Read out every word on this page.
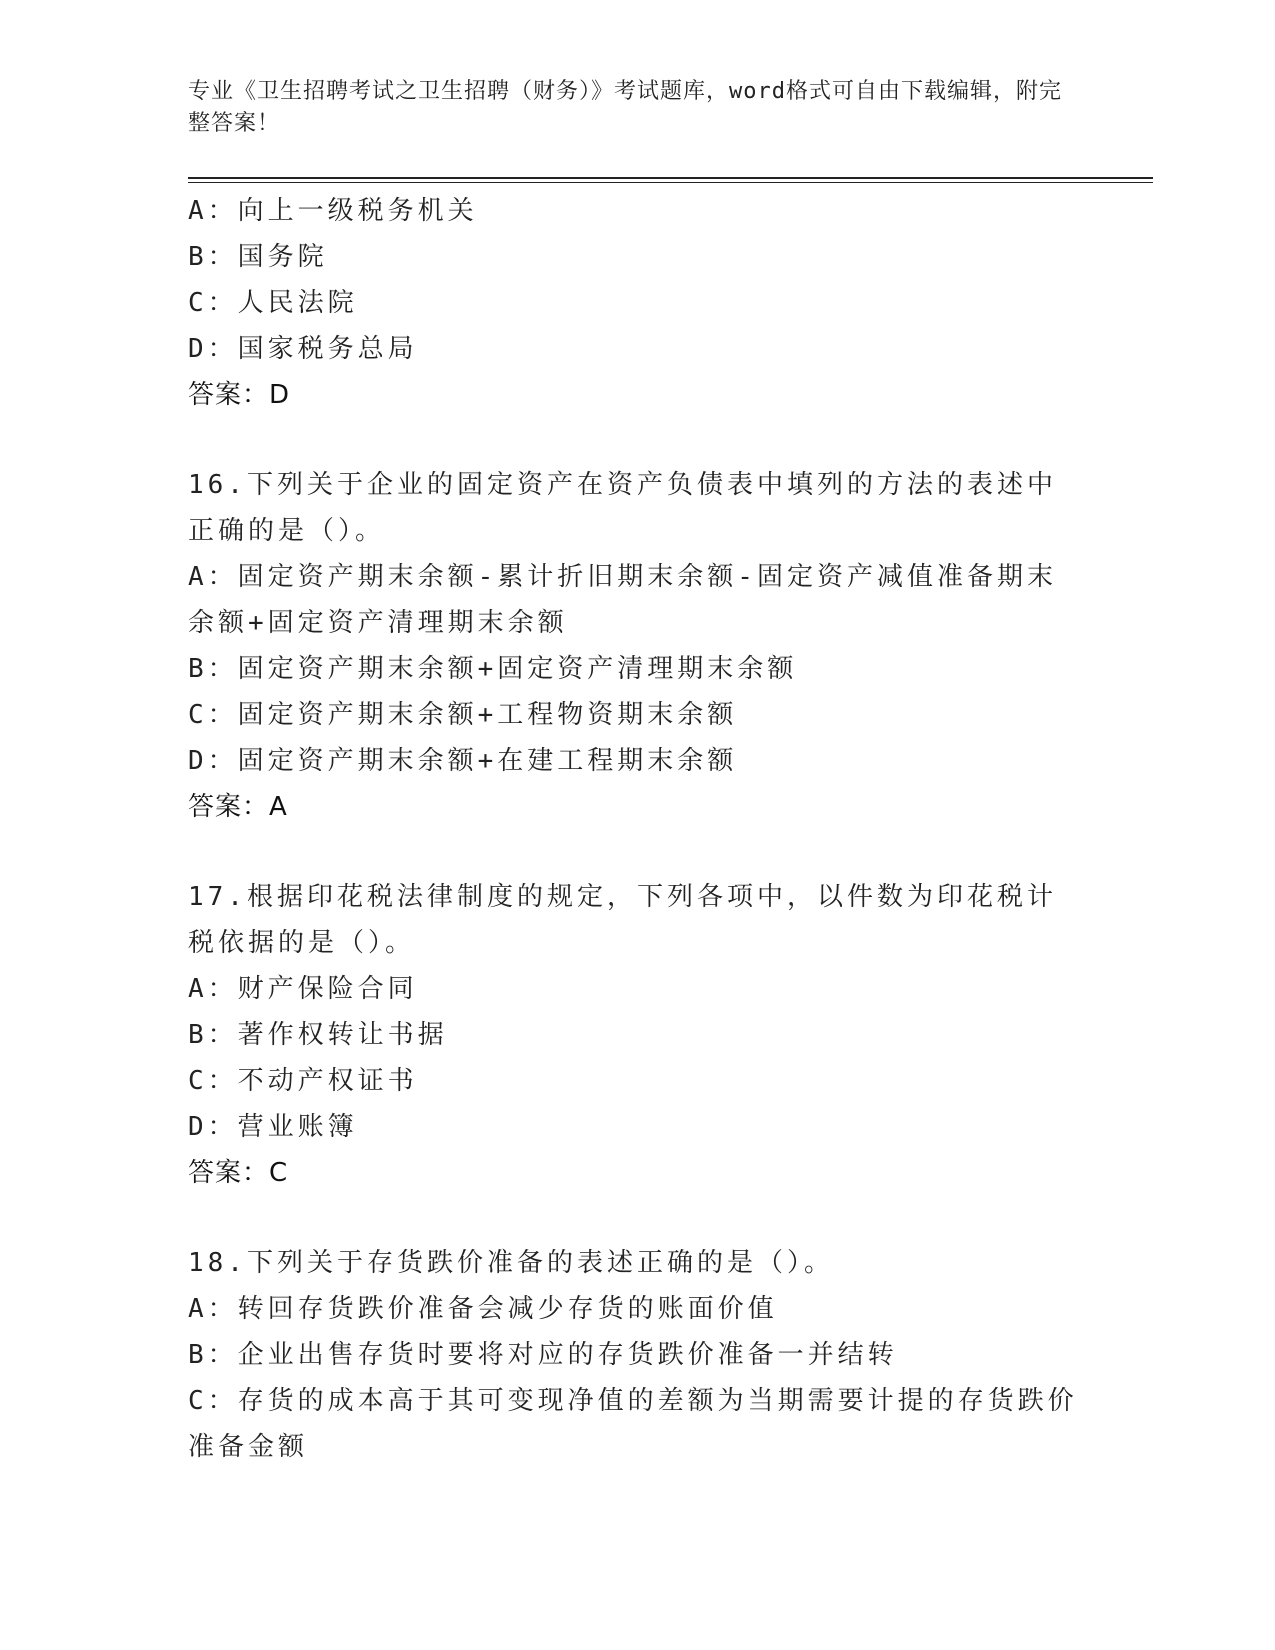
专业《卫生招聘考试之卫生招聘（财务）》考试题库，word格式可自由下载编辑，附完整答案！
A：向上一级税务机关
B：国务院
C：人民法院
D：国家税务总局
答案：D
16.下列关于企业的固定资产在资产负债表中填列的方法的表述中正确的是（）。
A：固定资产期末余额-累计折旧期末余额-固定资产减值准备期末余额+固定资产清理期末余额
B：固定资产期末余额+固定资产清理期末余额
C：固定资产期末余额+工程物资期末余额
D：固定资产期末余额+在建工程期末余额
答案：A
17.根据印花税法律制度的规定，下列各项中，以件数为印花税计税依据的是（）。
A：财产保险合同
B：著作权转让书据
C：不动产权证书
D：营业账簿
答案：C
18.下列关于存货跌价准备的表述正确的是（）。
A：转回存货跌价准备会减少存货的账面价值
B：企业出售存货时要将对应的存货跌价准备一并结转
C：存货的成本高于其可变现净值的差额为当期需要计提的存货跌价准备金额
